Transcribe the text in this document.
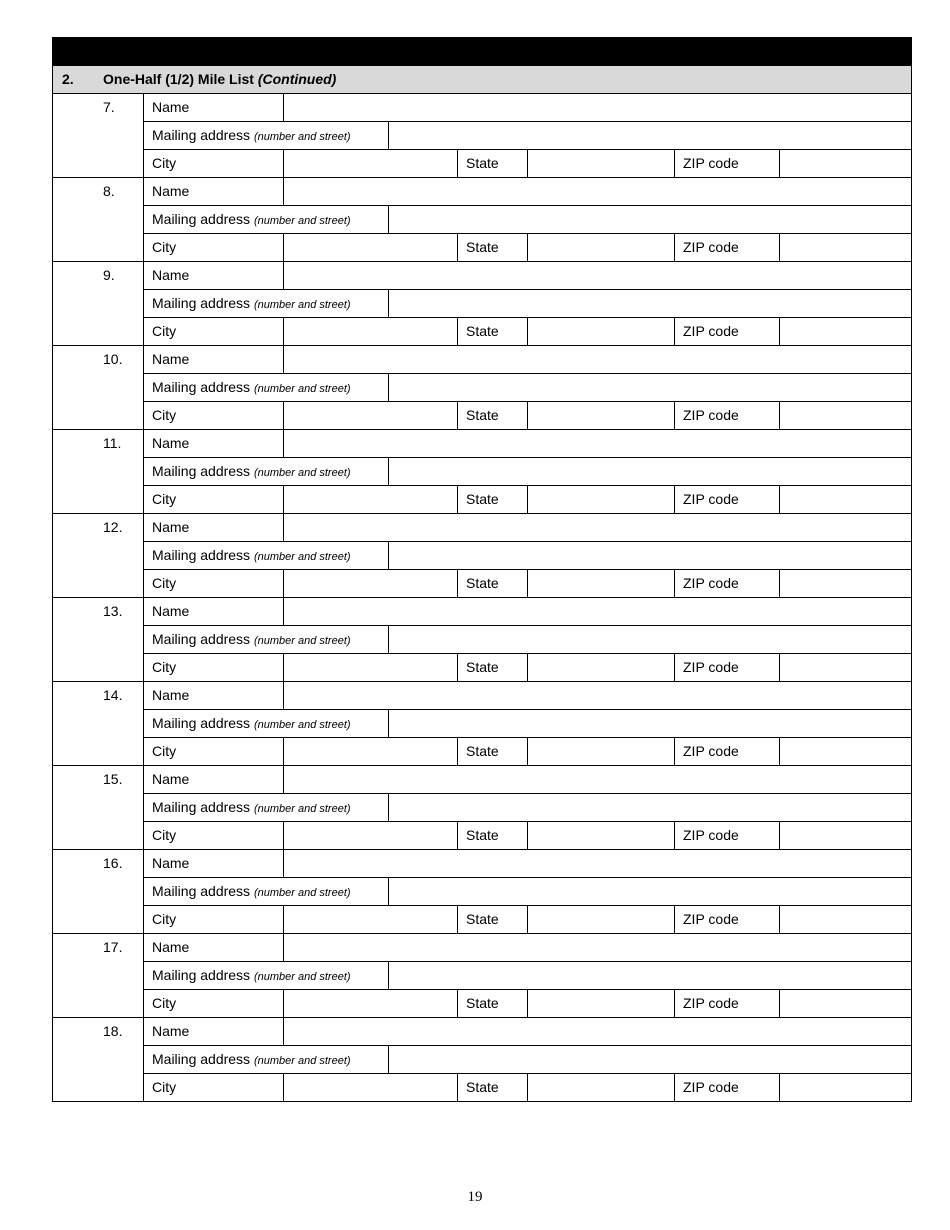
2. One-Half (1/2) Mile List (Continued)
7.	Name
Mailing address (number and street)
City	State	ZIP code
8.	Name
Mailing address (number and street)
City	State	ZIP code
9.	Name
Mailing address (number and street)
City	State	ZIP code
10.	Name
Mailing address (number and street)
City	State	ZIP code
11.	Name
Mailing address (number and street)
City	State	ZIP code
12.	Name
Mailing address (number and street)
City	State	ZIP code
13.	Name
Mailing address (number and street)
City	State	ZIP code
14.	Name
Mailing address (number and street)
City	State	ZIP code
15.	Name
Mailing address (number and street)
City	State	ZIP code
16.	Name
Mailing address (number and street)
City	State	ZIP code
17.	Name
Mailing address (number and street)
City	State	ZIP code
18.	Name
Mailing address (number and street)
City	State	ZIP code
19
